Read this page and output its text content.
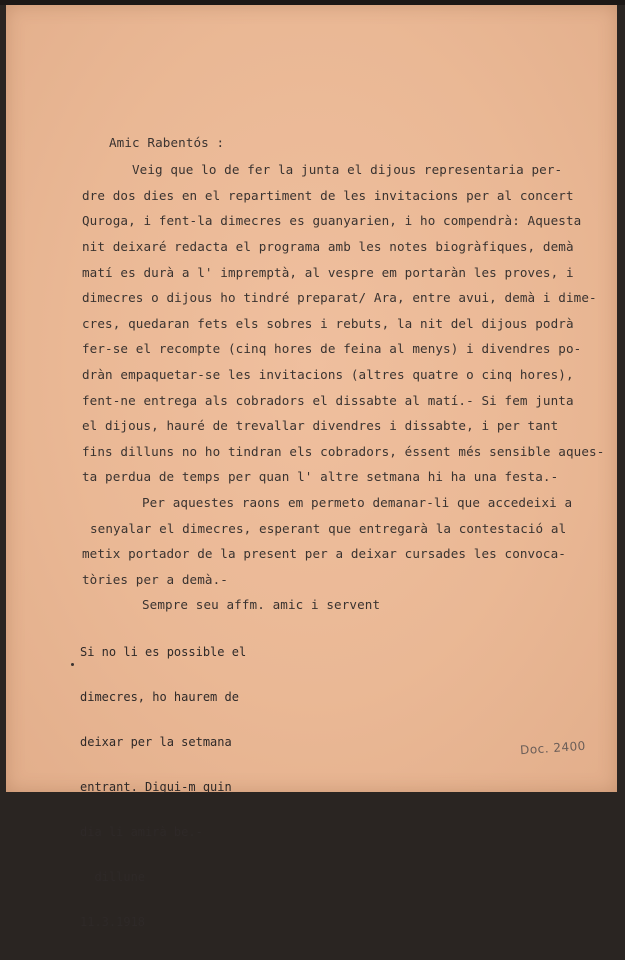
Amic Rabentós :
Veig que lo de fer la junta el dijous representaria per-
dre dos dies en el repartiment de les invitacions per al concert
Quroga, i fent-la dimecres es guanyarien, i ho compendrà: Aquesta
nit deixaré redacta el programa amb les notes biogràfiques, demà
matí es durà a l' impremptà, al vespre em portaràn les proves, i
dimecres o dijous ho tindré preparat/ Ara, entre avui, demà i dime-
cres, quedaran fets els sobres i rebuts, la nit del dijous podrà
fer-se el recompte (cinq hores de feina al menys) i divendres po-
dràn empaquetar-se les invitacions (altres quatre o cinq hores),
fent-ne entrega als cobradors el dissabte al matí.- Si fem junta
el dijous, hauré de trevallar divendres i dissabte, i per tant
fins dilluns no ho tindran els cobradors, éssent més sensible aques-
ta perdua de temps per quan l' altre setmana hi ha una festa.-
Per aquestes raons em permeto demanar-li que accedeixi a
senyalar el dimecres, esperant que entregarà la contestació al
metix portador de la present per a deixar cursades les convoca-
tòries per a demà.-
Sempre seu affm. amic i servent

Si no li es possible el

dimecres, ho haurem de

deixar per la setmana

entrant. Digui-m quin

dia li amirà be.-

dillune

11.3.1918

Doc. 2400
